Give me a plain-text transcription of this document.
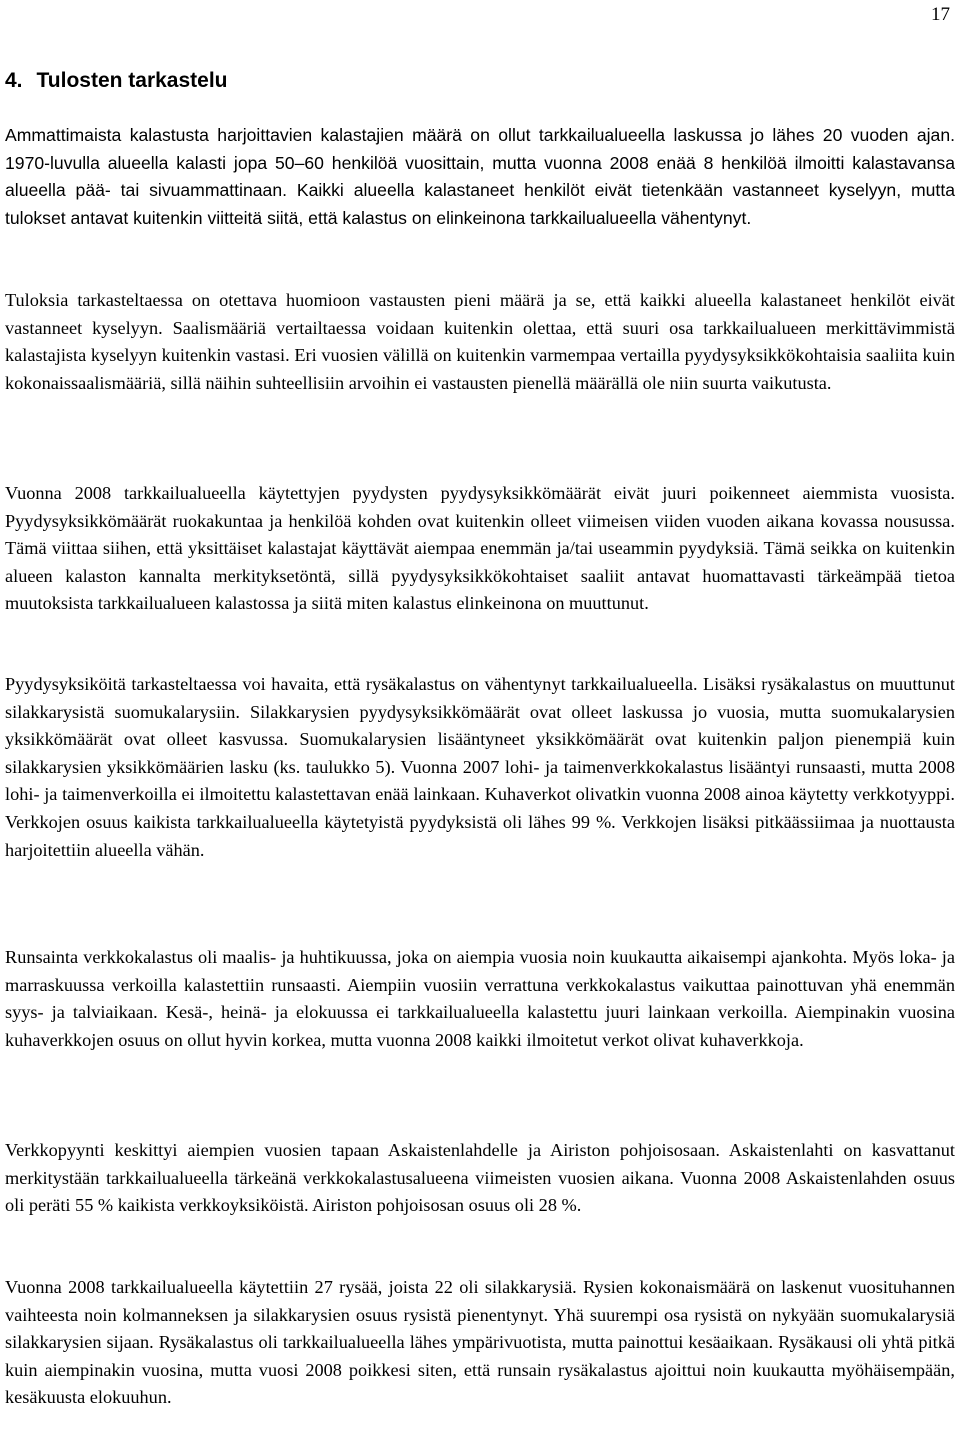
17
4. Tulosten tarkastelu

Ammattimaista kalastusta harjoittavien kalastajien määrä on ollut tarkkailualueella laskussa jo lähes 20 vuoden ajan. 1970-luvulla alueella kalasti jopa 50–60 henkilöä vuosittain, mutta vuonna 2008 enää 8 henkilöä ilmoitti kalastavansa alueella pää- tai sivuammattinaan. Kaikki alueella kalastaneet henkilöt eivät tietenkään vastanneet kyselyyn, mutta tulokset antavat kuitenkin viitteitä siitä, että kalastus on elinkeinona tarkkailualueella vähentynyt.

Tuloksia tarkasteltaessa on otettava huomioon vastausten pieni määrä ja se, että kaikki alueella kalastaneet henkilöt eivät vastanneet kyselyyn. Saalismääriä vertailtaessa voidaan kuitenkin olettaa, että suuri osa tarkkailualueen merkittävimmistä kalastajista kyselyyn kuitenkin vastasi. Eri vuosien välillä on kuitenkin varmempaa vertailla pyydysyksikkökohtaisia saaliita kuin kokonaissaalismääriä, sillä näihin suhteellisiin arvoihin ei vastausten pienellä määrällä ole niin suurta vaikutusta.

Vuonna 2008 tarkkailualueella käytettyjen pyydysten pyydysyksikkömäärät eivät juuri poikenneet aiemmista vuosista. Pyydysyksikkömäärät ruokakuntaa ja henkilöä kohden ovat kuitenkin olleet viimeisen viiden vuoden aikana kovassa nousussa. Tämä viittaa siihen, että yksittäiset kalastajat käyttävät aiempaa enemmän ja/tai useammin pyydyksiä. Tämä seikka on kuitenkin alueen kalaston kannalta merkityksetöntä, sillä pyydysyksikkökohtaiset saaliit antavat huomattavasti tärkeämpää tietoa muutoksista tarkkailualueen kalastossa ja siitä miten kalastus elinkeinona on muuttunut.

Pyydysyksiköitä tarkasteltaessa voi havaita, että rysäkalastus on vähentynyt tarkkailualueella. Lisäksi rysäkalastus on muuttunut silakkarysistä suomukalarysiin. Silakkarysien pyydysyksikkömäärät ovat olleet laskussa jo vuosia, mutta suomukalarysien yksikkömäärät ovat olleet kasvussa. Suomukalarysien lisääntyneet yksikkömäärät ovat kuitenkin paljon pienempiä kuin silakkarysien yksikkömäärien lasku (ks. taulukko 5). Vuonna 2007 lohi- ja taimenverkkokalastus lisääntyi runsaasti, mutta 2008 lohi- ja taimenverkoilla ei ilmoitettu kalastettavan enää lainkaan. Kuhaverkot olivatkin vuonna 2008 ainoa käytetty verkkotyyppi. Verkkojen osuus kaikista tarkkailualueella käytetyistä pyydyksistä oli lähes 99 %. Verkkojen lisäksi pitkäässiimaa ja nuottausta harjoitettiin alueella vähän.

Runsainta verkkokalastus oli maalis- ja huhtikuussa, joka on aiempia vuosia noin kuukautta aikaisempi ajankohta. Myös loka- ja marraskuussa verkoilla kalastettiin runsaasti. Aiempiin vuosiin verrattuna verkkokalastus vaikuttaa painottuvan yhä enemmän syys- ja talviaikaan. Kesä-, heinä- ja elokuussa ei tarkkailualueella kalastettu juuri lainkaan verkoilla. Aiempinakin vuosina kuhaverkkojen osuus on ollut hyvin korkea, mutta vuonna 2008 kaikki ilmoitetut verkot olivat kuhaverkkoja.

Verkkopyynti keskittyi aiempien vuosien tapaan Askaistenlahdelle ja Airiston pohjoisosaan. Askaistenlahti on kasvattanut merkitystään tarkkailualueella tärkeänä verkkokalastusalueena viimeisten vuosien aikana. Vuonna 2008 Askaistenlahden osuus oli peräti 55 % kaikista verkkoyksiköistä. Airiston pohjoisosan osuus oli 28 %.

Vuonna 2008 tarkkailualueella käytettiin 27 rysää, joista 22 oli silakkarysiä. Rysien kokonaismäärä on laskenut vuosituhannen vaihteesta noin kolmanneksen ja silakkarysien osuus rysistä pienentynyt. Yhä suurempi osa rysistä on nykyään suomukalarysiä silakkarysien sijaan. Rysäkalastus oli tarkkailualueella lähes ympärivuotista, mutta painottui kesäaikaan. Rysäkausi oli yhtä pitkä kuin aiempinakin vuosina, mutta vuosi 2008 poikkesi siten, että runsain rysäkalastus ajoittui noin kuukautta myöhäisempään, kesäkuusta elokuuhun.
